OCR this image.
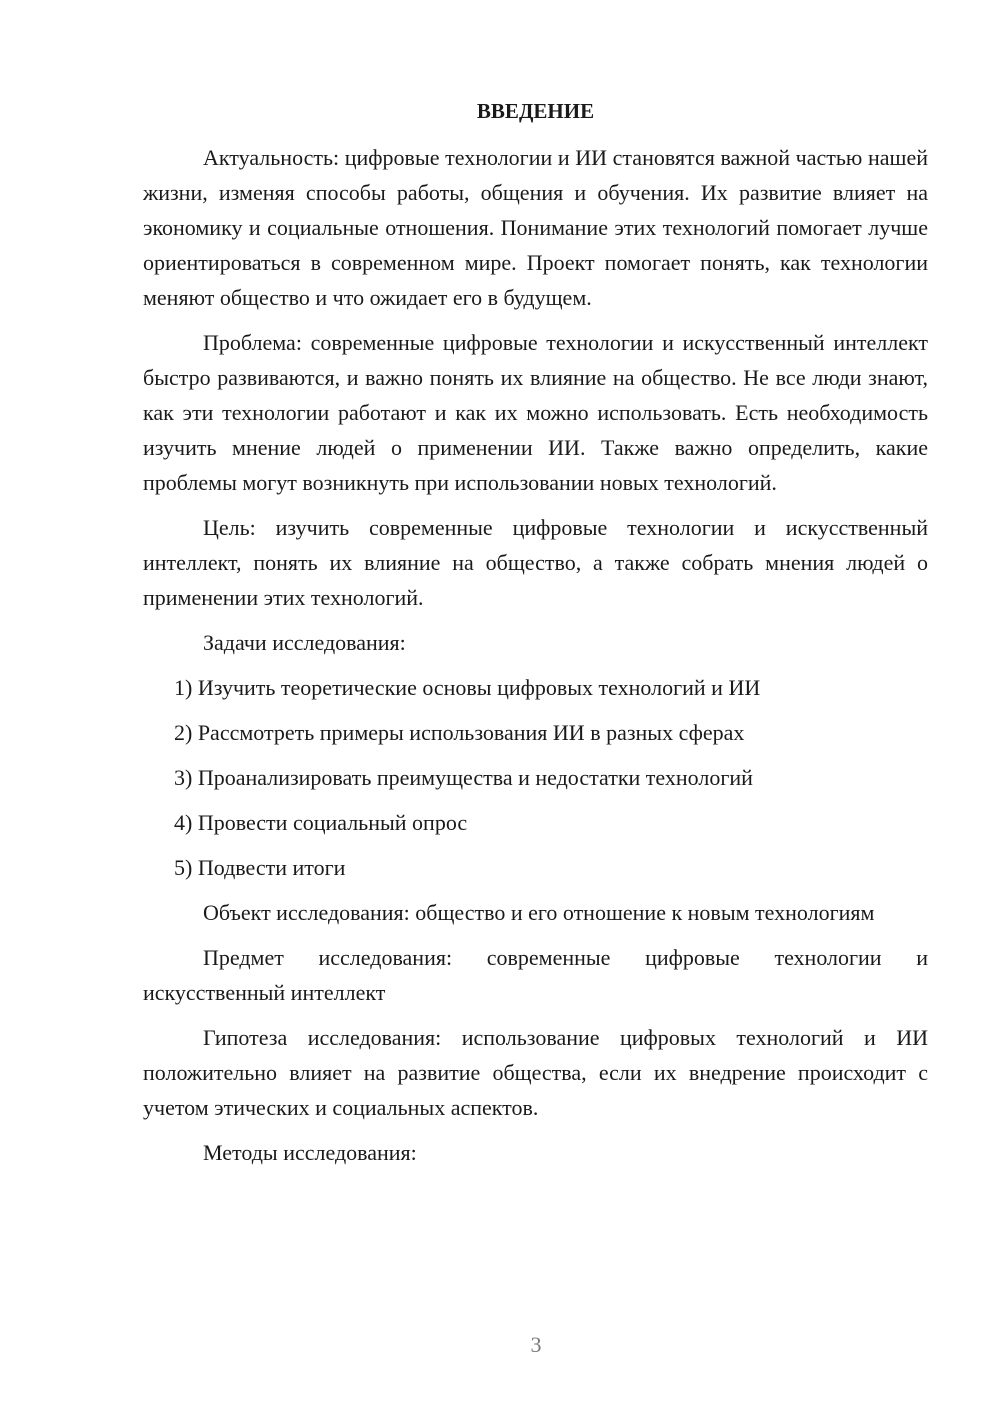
ВВЕДЕНИЕ

Актуальность: цифровые технологии и ИИ становятся важной частью нашей жизни, изменяя способы работы, общения и обучения. Их развитие влияет на экономику и социальные отношения. Понимание этих технологий помогает лучше ориентироваться в современном мире. Проект помогает понять, как технологии меняют общество и что ожидает его в будущем.

Проблема: современные цифровые технологии и искусственный интеллект быстро развиваются, и важно понять их влияние на общество. Не все люди знают, как эти технологии работают и как их можно использовать. Есть необходимость изучить мнение людей о применении ИИ. Также важно определить, какие проблемы могут возникнуть при использовании новых технологий.

Цель: изучить современные цифровые технологии и искусственный интеллект, понять их влияние на общество, а также собрать мнения людей о применении этих технологий.

Задачи исследования:

1) Изучить теоретические основы цифровых технологий и ИИ
2) Рассмотреть примеры использования ИИ в разных сферах
3) Проанализировать преимущества и недостатки технологий
4) Провести социальный опрос
5) Подвести итоги

Объект исследования: общество и его отношение к новым технологиям

Предмет исследования: современные цифровые технологии и искусственный интеллект

Гипотеза исследования: использование цифровых технологий и ИИ положительно влияет на развитие общества, если их внедрение происходит с учетом этических и социальных аспектов.

Методы исследования:

3
